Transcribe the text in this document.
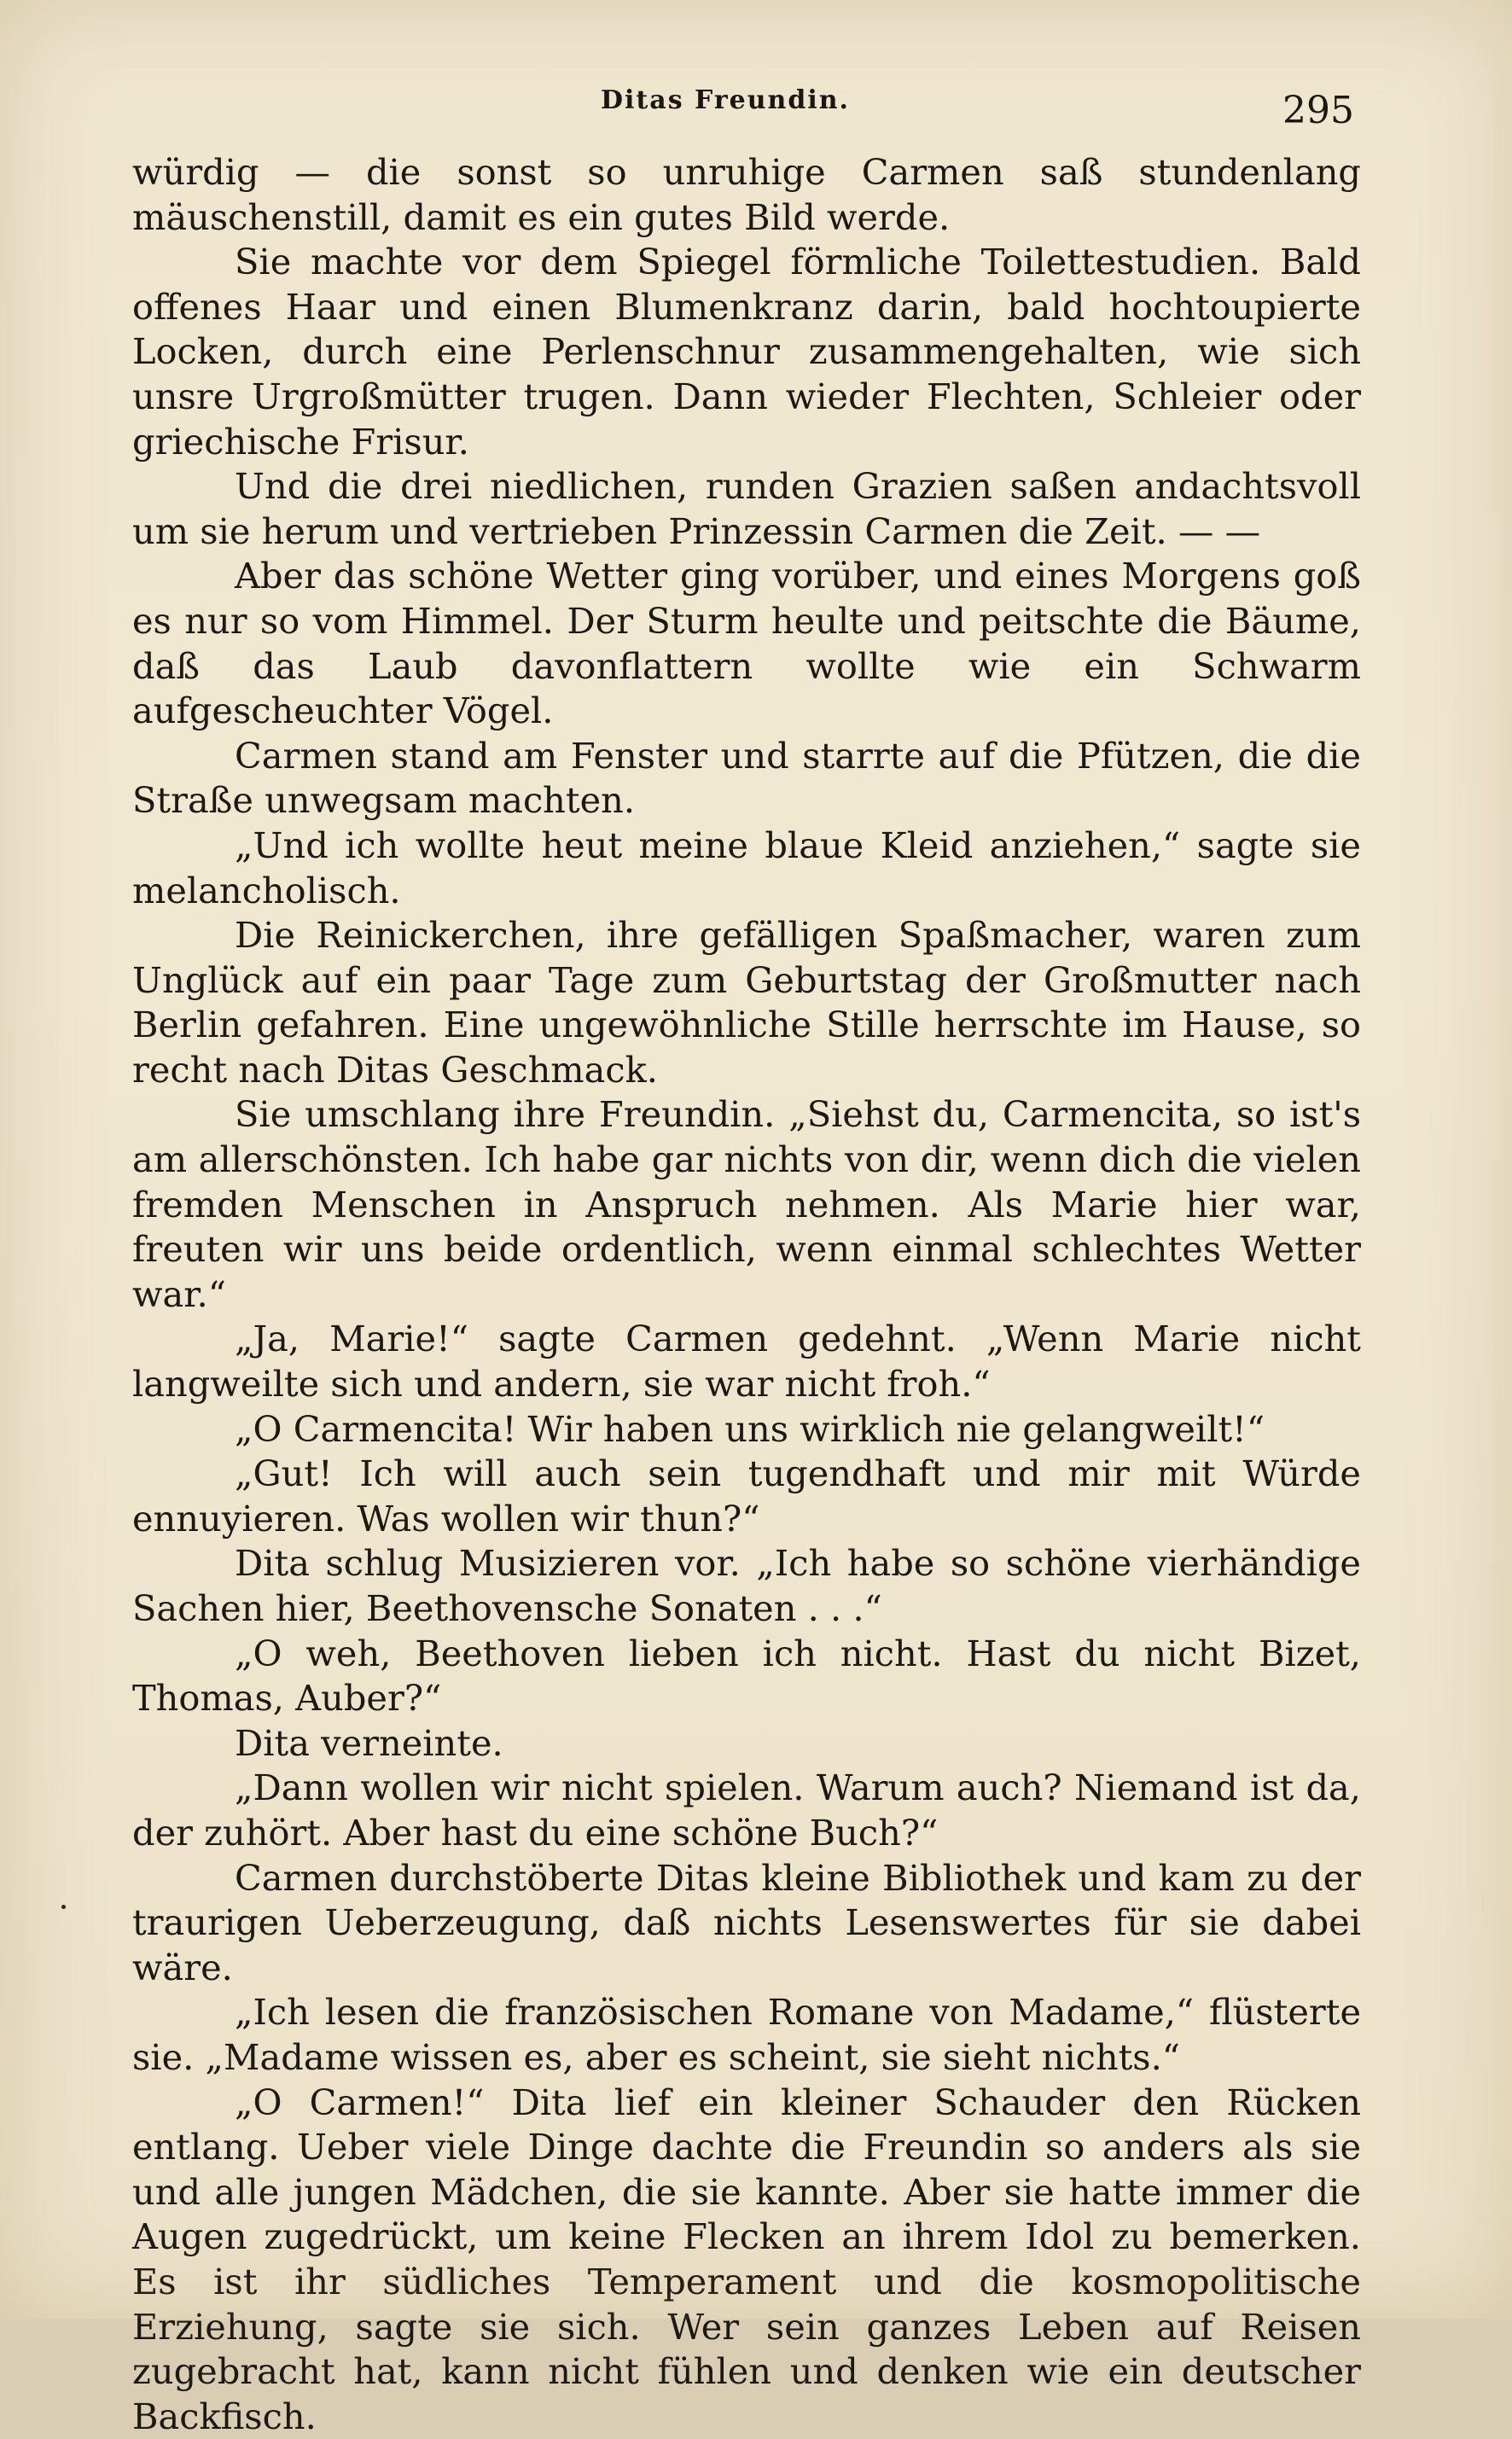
Ditas Freundin.	295

würdig — die sonst so unruhige Carmen saß stundenlang mäuschenstill, damit es ein gutes Bild werde.

Sie machte vor dem Spiegel förmliche Toilettestudien. Bald offenes Haar und einen Blumenkranz darin, bald hochtoupierte Locken, durch eine Perlenschnur zusammengehalten, wie sich unsre Urgroßmütter trugen. Dann wieder Flechten, Schleier oder griechische Frisur.

Und die drei niedlichen, runden Grazien saßen andachtsvoll um sie herum und vertrieben Prinzessin Carmen die Zeit. — —

Aber das schöne Wetter ging vorüber, und eines Morgens goß es nur so vom Himmel. Der Sturm heulte und peitschte die Bäume, daß das Laub davonflattern wollte wie ein Schwarm aufgescheuchter Vögel.

Carmen stand am Fenster und starrte auf die Pfützen, die die Straße unwegsam machten.

„Und ich wollte heut meine blaue Kleid anziehen,“ sagte sie melancholisch.

Die Reinickerchen, ihre gefälligen Spaßmacher, waren zum Unglück auf ein paar Tage zum Geburtstag der Großmutter nach Berlin gefahren. Eine ungewöhnliche Stille herrschte im Hause, so recht nach Ditas Geschmack.

Sie umschlang ihre Freundin. „Siehst du, Carmencita, so ist's am allerschönsten. Ich habe gar nichts von dir, wenn dich die vielen fremden Menschen in Anspruch nehmen. Als Marie hier war, freuten wir uns beide ordentlich, wenn einmal schlechtes Wetter war.“

„Ja, Marie!“ sagte Carmen gedehnt. „Wenn Marie nicht langweilte sich und andern, sie war nicht froh.“

„O Carmencita! Wir haben uns wirklich nie gelangweilt!“

„Gut! Ich will auch sein tugendhaft und mir mit Würde ennuyieren. Was wollen wir thun?“

Dita schlug Musizieren vor. „Ich habe so schöne vierhändige Sachen hier, Beethovensche Sonaten . . .“

„O weh, Beethoven lieben ich nicht. Hast du nicht Bizet, Thomas, Auber?“

Dita verneinte.

„Dann wollen wir nicht spielen. Warum auch? Niemand ist da, der zuhört. Aber hast du eine schöne Buch?“

Carmen durchstöberte Ditas kleine Bibliothek und kam zu der traurigen Ueberzeugung, daß nichts Lesenswertes für sie dabei wäre.

„Ich lesen die französischen Romane von Madame,“ flüsterte sie. „Madame wissen es, aber es scheint, sie sieht nichts.“

„O Carmen!“ Dita lief ein kleiner Schauder den Rücken entlang. Ueber viele Dinge dachte die Freundin so anders als sie und alle jungen Mädchen, die sie kannte. Aber sie hatte immer die Augen zugedrückt, um keine Flecken an ihrem Idol zu bemerken. Es ist ihr südliches Temperament und die kosmopolitische Erziehung, sagte sie sich. Wer sein ganzes Leben auf Reisen zugebracht hat, kann nicht fühlen und denken wie ein deutscher Backfisch.
